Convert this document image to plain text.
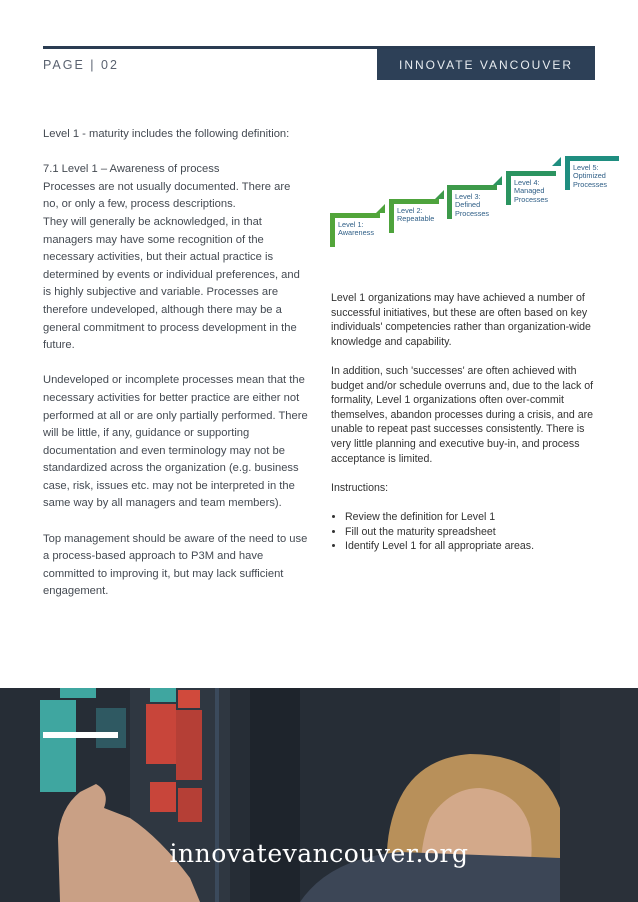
PAGE | 02	INNOVATE VANCOUVER

Level 1 - maturity includes the following definition:

7.1 Level 1 – Awareness of process
Processes are not usually documented. There are no, or only a few, process descriptions.

They will generally be acknowledged, in that managers may have some recognition of the necessary activities, but their actual practice is determined by events or individual preferences, and is highly subjective and variable. Processes are therefore undeveloped, although there may be a general commitment to process development in the future.

Undeveloped or incomplete processes mean that the necessary activities for better practice are either not performed at all or are only partially performed. There will be little, if any, guidance or supporting documentation and even terminology may not be standardized across the organization (e.g. business case, risk, issues etc. may not be interpreted in the same way by all managers and team members).

Top management should be aware of the need to use a process-based approach to P3M and have committed to improving it, but may lack sufficient engagement.

Level 1:
Awareness
Level 2:
Repeatable
Level 3:
Defined
Processes
Level 4:
Managed
Processes
Level 5:
Optimized
Processes

Level 1 organizations may have achieved a number of successful initiatives, but these are often based on key individuals' competencies rather than organization-wide knowledge and capability.

In addition, such 'successes' are often achieved with budget and/or schedule overruns and, due to the lack of formality, Level 1 organizations often over-commit themselves, abandon processes during a crisis, and are unable to repeat past successes consistently. There is very little planning and executive buy-in, and process acceptance is limited.

Instructions:

• Review the definition for Level 1
• Fill out the maturity spreadsheet
• Identify Level 1 for all appropriate areas.
innovatevancouver.org
